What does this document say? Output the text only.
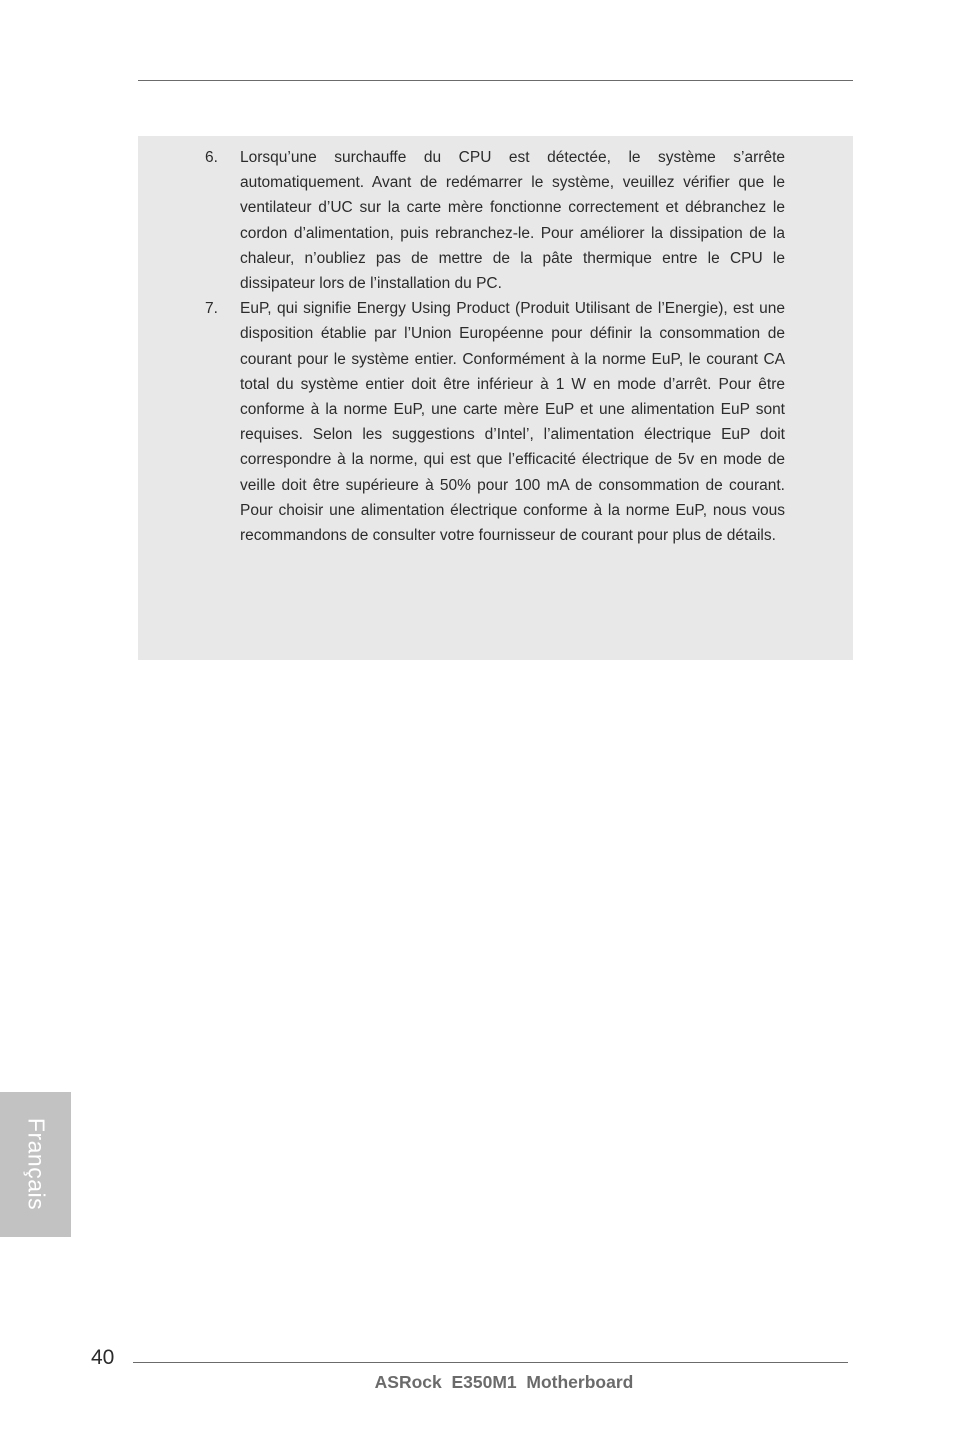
6. Lorsqu’une surchauffe du CPU est détectée, le système s’arrête automatiquement. Avant de redémarrer le système, veuillez vérifier que le ventilateur d’UC sur la carte mère fonctionne correctement et débranchez le cordon d’alimentation, puis rebranchez-le. Pour améliorer la dissipation de la chaleur, n’oubliez pas de mettre de la pâte thermique entre le CPU le dissipateur lors de l’installation du PC.
7. EuP, qui signifie Energy Using Product (Produit Utilisant de l’Energie), est une disposition établie par l’Union Européenne pour définir la consommation de courant pour le système entier. Conformément à la norme EuP, le courant CA total du système entier doit être inférieur à 1 W en mode d’arrêt. Pour être conforme à la norme EuP, une carte mère EuP et une alimentation EuP sont requises. Selon les suggestions d’Intel’, l’alimentation électrique EuP doit correspondre à la norme, qui est que l’efficacité électrique de 5v en mode de veille doit être supérieure à 50% pour 100 mA de consommation de courant. Pour choisir une alimentation électrique conforme à la norme EuP, nous vous recommandons de consulter votre fournisseur de courant pour plus de détails.
Français
40
ASRock  E350M1  Motherboard
